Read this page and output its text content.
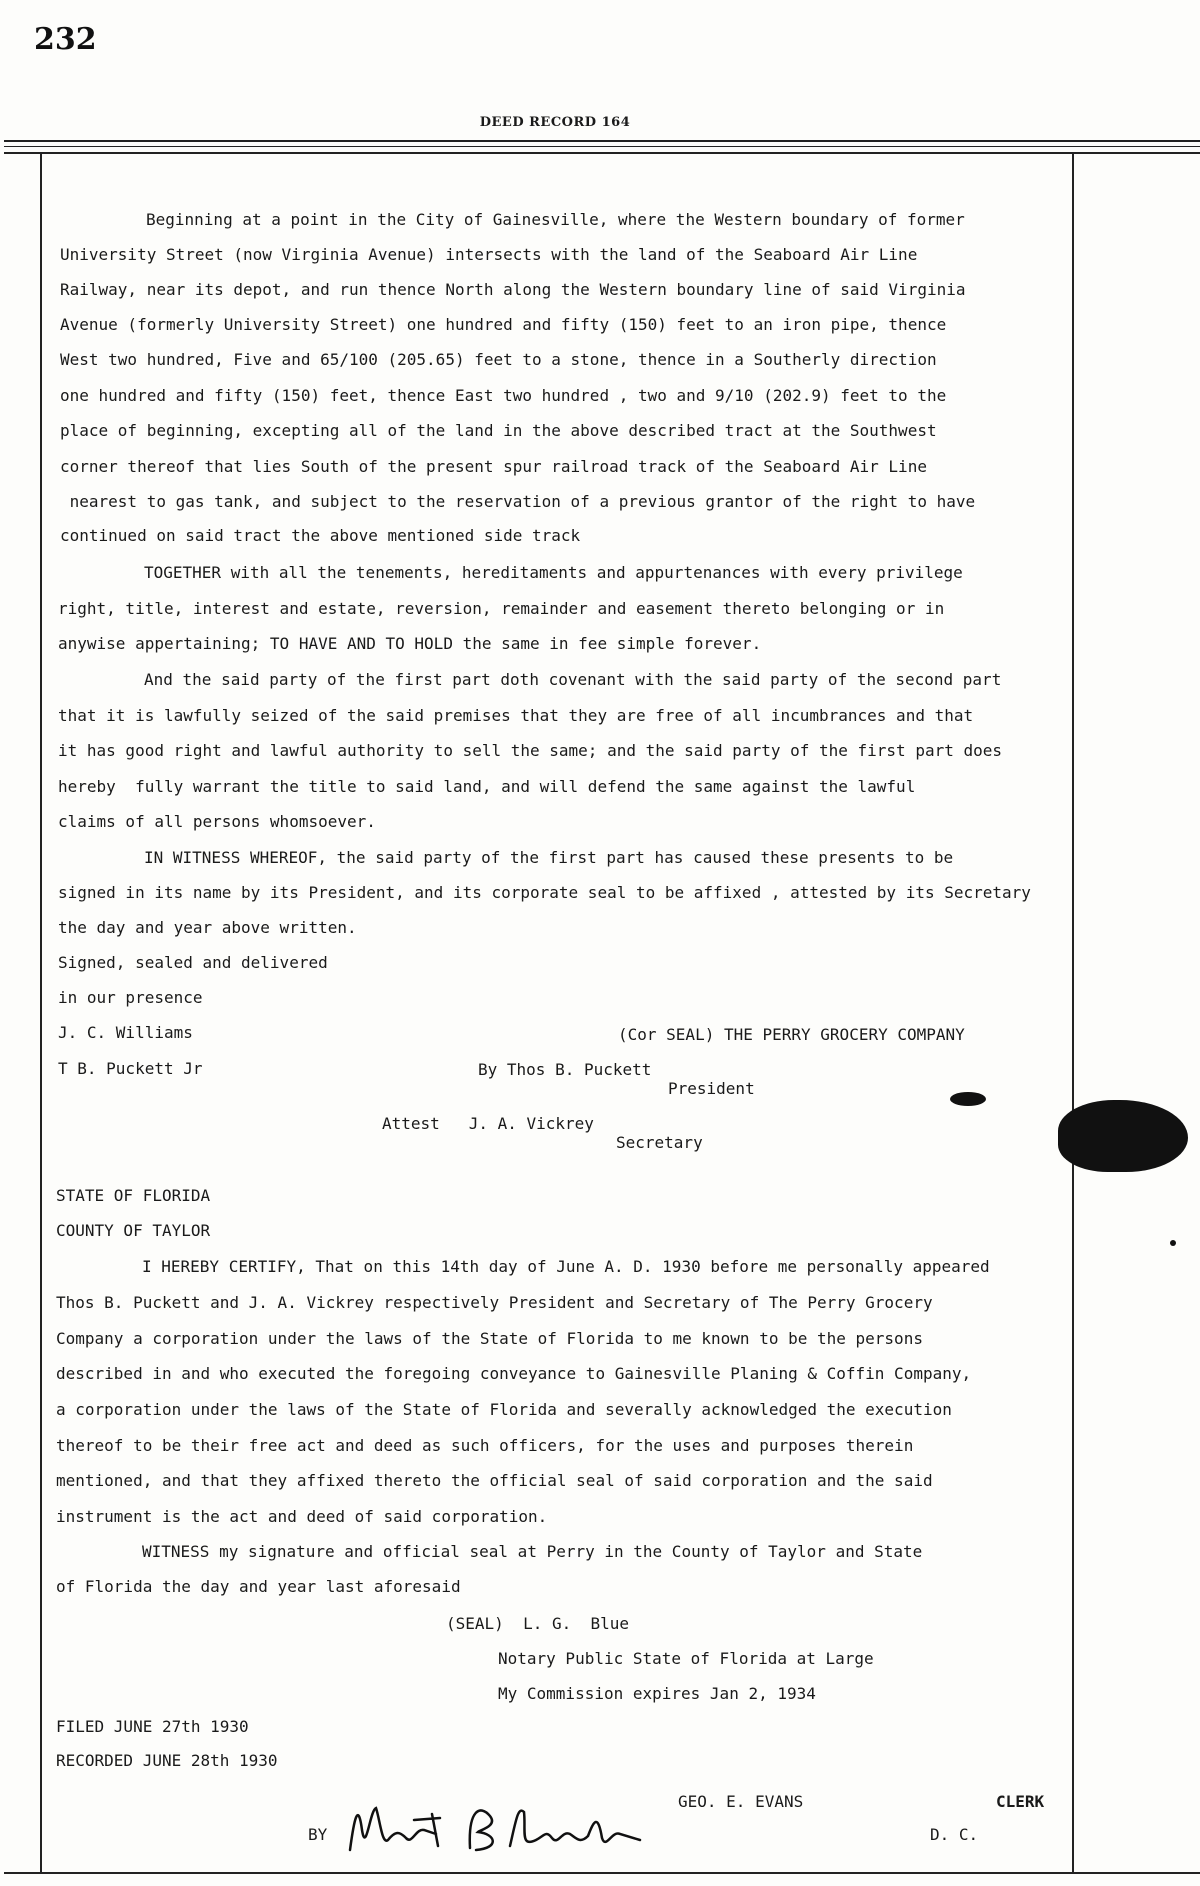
232
DEED RECORD 164
Beginning at a point in the City of Gainesville, where the Western boundary of former
University Street (now Virginia Avenue) intersects with the land of the Seaboard Air Line
Railway, near its depot, and run thence North along the Western boundary line of said Virginia
Avenue (formerly University Street) one hundred and fifty (150) feet to an iron pipe, thence
West two hundred, Five and 65/100 (205.65) feet to a stone, thence in a Southerly direction
one hundred and fifty (150) feet, thence East two hundred , two and 9/10 (202.9) feet to the
place of beginning, excepting all of the land in the above described tract at the Southwest
corner thereof that lies South of the present spur railroad track of the Seaboard Air Line
nearest to gas tank, and subject to the reservation of a previous grantor of the right to have
continued on said tract the above mentioned side track
TOGETHER with all the tenements, hereditaments and appurtenances with every privilege
right, title, interest and estate, reversion, remainder and easement thereto belonging or in
anywise appertaining; TO HAVE AND TO HOLD the same in fee simple forever.
And the said party of the first part doth covenant with the said party of the second part
that it is lawfully seized of the said premises that they are free of all incumbrances and that
it has good right and lawful authority to sell the same; and the said party of the first part does
hereby  fully warrant the title to said land, and will defend the same against the lawful
claims of all persons whomsoever.
IN WITNESS WHEREOF, the said party of the first part has caused these presents to be
signed in its name by its President, and its corporate seal to be affixed , attested by its Secretary
the day and year above written.
Signed, sealed and delivered
in our presence
J. C. Williams	(Cor SEAL) THE PERRY GROCERY COMPANY
T B. Puckett Jr	By Thos B. Puckett
President
Attest   J. A. Vickrey
Secretary
STATE OF FLORIDA
COUNTY OF TAYLOR
I HEREBY CERTIFY, That on this 14th day of June A. D. 1930 before me personally appeared
Thos B. Puckett and J. A. Vickrey respectively President and Secretary of The Perry Grocery
Company a corporation under the laws of the State of Florida to me known to be the persons
described in and who executed the foregoing conveyance to Gainesville Planing & Coffin Company,
a corporation under the laws of the State of Florida and severally acknowledged the execution
thereof to be their free act and deed as such officers, for the uses and purposes therein
mentioned, and that they affixed thereto the official seal of said corporation and the said
instrument is the act and deed of said corporation.
WITNESS my signature and official seal at Perry in the County of Taylor and State
of Florida the day and year last aforesaid
(SEAL)  L. G.  Blue
Notary Public State of Florida at Large
My Commission expires Jan 2, 1934
FILED JUNE 27th 1930
RECORDED JUNE 28th 1930
GEO. E. EVANS	CLERK
BY	D. C.
